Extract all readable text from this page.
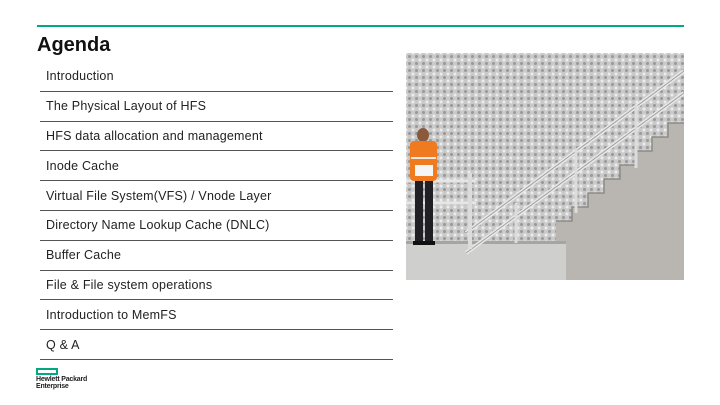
Agenda
Introduction
The Physical Layout of HFS
HFS data allocation and management
Inode Cache
Virtual File System(VFS) / Vnode Layer
Directory Name Lookup Cache (DNLC)
Buffer Cache
File & File system operations
Introduction to MemFS
Q & A
Hewlett Packard
Enterprise
